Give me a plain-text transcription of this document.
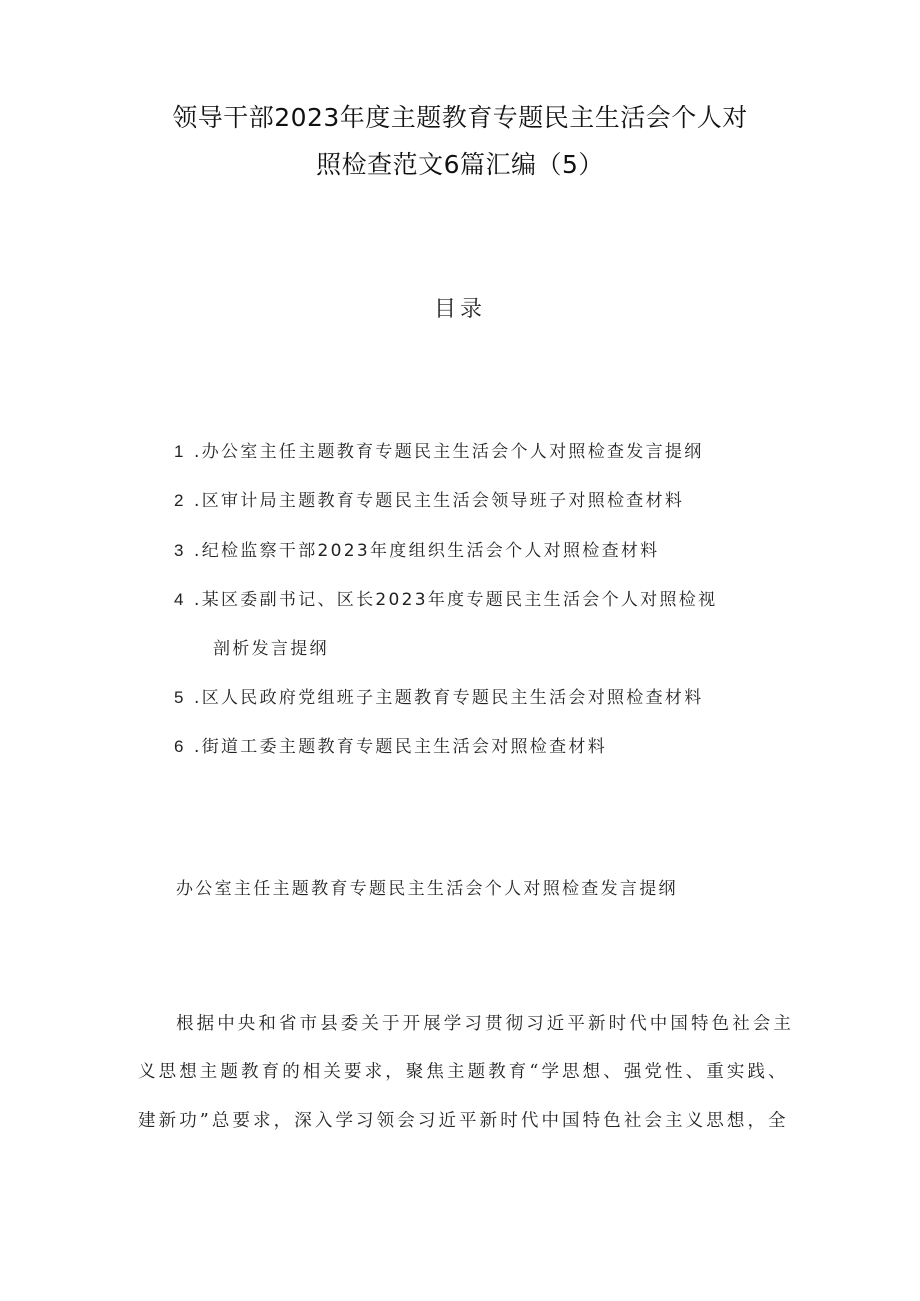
领导干部2023年度主题教育专题民主生活会个人对
照检查范文6篇汇编（5）
目录
1 .办公室主任主题教育专题民主生活会个人对照检查发言提纲
2 .区审计局主题教育专题民主生活会领导班子对照检查材料
3 .纪检监察干部2023年度组织生活会个人对照检查材料
4 .某区委副书记、区长2023年度专题民主生活会个人对照检视
剖析发言提纲
5 .区人民政府党组班子主题教育专题民主生活会对照检查材料
6 .街道工委主题教育专题民主生活会对照检查材料
办公室主任主题教育专题民主生活会个人对照检查发言提纲
根据中央和省市县委关于开展学习贯彻习近平新时代中国特色社会主
义思想主题教育的相关要求，聚焦主题教育“学思想、强党性、重实践、
建新功”总要求，深入学习领会习近平新时代中国特色社会主义思想，全
